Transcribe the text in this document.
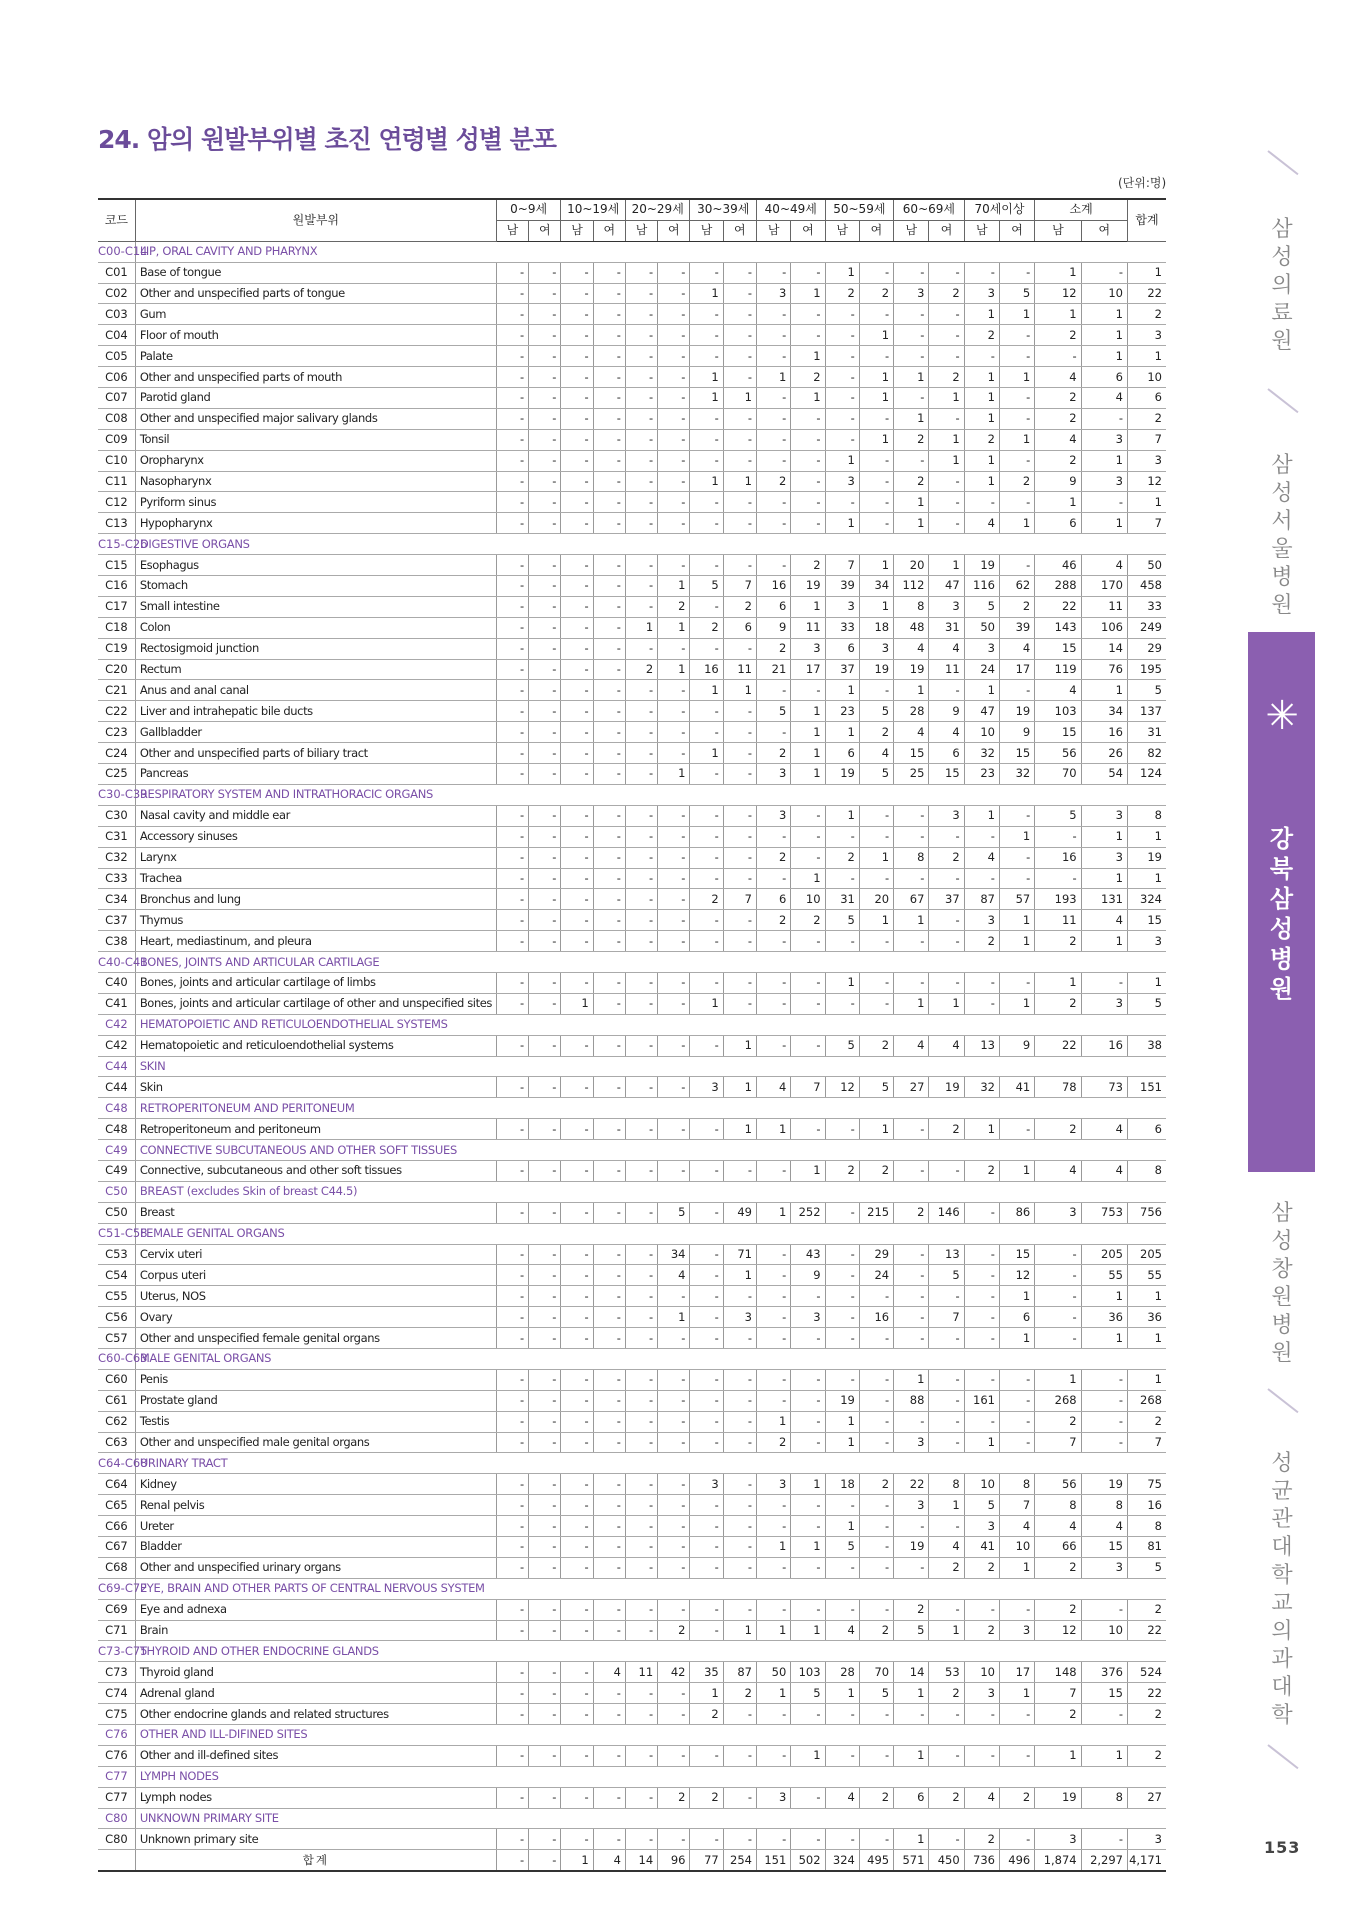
24. 암의 원발부위별 초진 연령별 성별 분포
(단위:명)
코드	원발부위	0~9세		10~19세		20~29세		30~39세		40~49세		50~59세		60~69세		70세이상		소계		합계
		남	여	남	여	남	여	남	여	남	여	남	여	남	여	남	여	남	여	
C00-C14	LIP, ORAL CAVITY AND PHARYNX																			
C01	Base of tongue	-	-	-	-	-	-	-	-	-	-	1	-	-	-	-	-	1	-	1
C02	Other and unspecified parts of tongue	-	-	-	-	-	-	1	-	3	1	2	2	3	2	3	5	12	10	22
C03	Gum	-	-	-	-	-	-	-	-	-	-	-	-	-	-	1	1	1	1	2
C04	Floor of mouth	-	-	-	-	-	-	-	-	-	-	-	1	-	-	2	-	2	1	3
C05	Palate	-	-	-	-	-	-	-	-	-	1	-	-	-	-	-	-	-	1	1
C06	Other and unspecified parts of mouth	-	-	-	-	-	-	1	-	1	2	-	1	1	2	1	1	4	6	10
C07	Parotid gland	-	-	-	-	-	-	1	1	-	1	-	1	-	1	1	-	2	4	6
C08	Other and unspecified major salivary glands	-	-	-	-	-	-	-	-	-	-	-	-	1	-	1	-	2	-	2
C09	Tonsil	-	-	-	-	-	-	-	-	-	-	-	1	2	1	2	1	4	3	7
C10	Oropharynx	-	-	-	-	-	-	-	-	-	-	1	-	-	1	1	-	2	1	3
C11	Nasopharynx	-	-	-	-	-	-	1	1	2	-	3	-	2	-	1	2	9	3	12
C12	Pyriform sinus	-	-	-	-	-	-	-	-	-	-	-	-	1	-	-	-	1	-	1
C13	Hypopharynx	-	-	-	-	-	-	-	-	-	-	1	-	1	-	4	1	6	1	7
C15-C26	DIGESTIVE ORGANS																			
C15	Esophagus	-	-	-	-	-	-	-	-	-	2	7	1	20	1	19	-	46	4	50
C16	Stomach	-	-	-	-	-	1	5	7	16	19	39	34	112	47	116	62	288	170	458
C17	Small intestine	-	-	-	-	-	2	-	2	6	1	3	1	8	3	5	2	22	11	33
C18	Colon	-	-	-	-	1	1	2	6	9	11	33	18	48	31	50	39	143	106	249
C19	Rectosigmoid junction	-	-	-	-	-	-	-	-	2	3	6	3	4	4	3	4	15	14	29
C20	Rectum	-	-	-	-	2	1	16	11	21	17	37	19	19	11	24	17	119	76	195
C21	Anus and anal canal	-	-	-	-	-	-	1	1	-	-	1	-	1	-	1	-	4	1	5
C22	Liver and intrahepatic bile ducts	-	-	-	-	-	-	-	-	5	1	23	5	28	9	47	19	103	34	137
C23	Gallbladder	-	-	-	-	-	-	-	-	-	1	1	2	4	4	10	9	15	16	31
C24	Other and unspecified parts of biliary tract	-	-	-	-	-	-	1	-	2	1	6	4	15	6	32	15	56	26	82
C25	Pancreas	-	-	-	-	-	1	-	-	3	1	19	5	25	15	23	32	70	54	124
C30-C39	RESPIRATORY SYSTEM AND INTRATHORACIC ORGANS																			
C30	Nasal cavity and middle ear	-	-	-	-	-	-	-	-	3	-	1	-	-	3	1	-	5	3	8
C31	Accessory sinuses	-	-	-	-	-	-	-	-	-	-	-	-	-	-	-	1	-	1	1
C32	Larynx	-	-	-	-	-	-	-	-	2	-	2	1	8	2	4	-	16	3	19
C33	Trachea	-	-	-	-	-	-	-	-	-	1	-	-	-	-	-	-	-	1	1
C34	Bronchus and lung	-	-	-	-	-	-	2	7	6	10	31	20	67	37	87	57	193	131	324
C37	Thymus	-	-	-	-	-	-	-	-	2	2	5	1	1	-	3	1	11	4	15
C38	Heart, mediastinum, and pleura	-	-	-	-	-	-	-	-	-	-	-	-	-	-	2	1	2	1	3
C40-C41	BONES, JOINTS AND ARTICULAR CARTILAGE																			
C40	Bones, joints and articular cartilage of limbs	-	-	-	-	-	-	-	-	-	-	1	-	-	-	-	-	1	-	1
C41	Bones, joints and articular cartilage of other and unspecified sites	-	-	1	-	-	-	1	-	-	-	-	-	1	1	-	1	2	3	5
C42	HEMATOPOIETIC AND RETICULOENDOTHELIAL SYSTEMS																			
C42	Hematopoietic and reticuloendothelial systems	-	-	-	-	-	-	-	1	-	-	5	2	4	4	13	9	22	16	38
C44	SKIN																			
C44	Skin	-	-	-	-	-	-	3	1	4	7	12	5	27	19	32	41	78	73	151
C48	RETROPERITONEUM AND PERITONEUM																			
C48	Retroperitoneum and peritoneum	-	-	-	-	-	-	-	1	1	-	-	1	-	2	1	-	2	4	6
C49	CONNECTIVE SUBCUTANEOUS AND OTHER SOFT TISSUES																			
C49	Connective, subcutaneous and other soft tissues	-	-	-	-	-	-	-	-	-	1	2	2	-	-	2	1	4	4	8
C50	BREAST (excludes Skin of breast C44.5)																			
C50	Breast	-	-	-	-	-	5	-	49	1	252	-	215	2	146	-	86	3	753	756
C51-C58	FEMALE GENITAL ORGANS																			
C53	Cervix uteri	-	-	-	-	-	34	-	71	-	43	-	29	-	13	-	15	-	205	205
C54	Corpus uteri	-	-	-	-	-	4	-	1	-	9	-	24	-	5	-	12	-	55	55
C55	Uterus, NOS	-	-	-	-	-	-	-	-	-	-	-	-	-	-	-	1	-	1	1
C56	Ovary	-	-	-	-	-	1	-	3	-	3	-	16	-	7	-	6	-	36	36
C57	Other and unspecified female genital organs	-	-	-	-	-	-	-	-	-	-	-	-	-	-	-	1	-	1	1
C60-C63	MALE GENITAL ORGANS																			
C60	Penis	-	-	-	-	-	-	-	-	-	-	-	-	1	-	-	-	1	-	1
C61	Prostate gland	-	-	-	-	-	-	-	-	-	-	19	-	88	-	161	-	268	-	268
C62	Testis	-	-	-	-	-	-	-	-	1	-	1	-	-	-	-	-	2	-	2
C63	Other and unspecified male genital organs	-	-	-	-	-	-	-	-	2	-	1	-	3	-	1	-	7	-	7
C64-C68	URINARY TRACT																			
C64	Kidney	-	-	-	-	-	-	3	-	3	1	18	2	22	8	10	8	56	19	75
C65	Renal pelvis	-	-	-	-	-	-	-	-	-	-	-	-	3	1	5	7	8	8	16
C66	Ureter	-	-	-	-	-	-	-	-	-	-	1	-	-	-	3	4	4	4	8
C67	Bladder	-	-	-	-	-	-	-	-	1	1	5	-	19	4	41	10	66	15	81
C68	Other and unspecified urinary organs	-	-	-	-	-	-	-	-	-	-	-	-	-	2	2	1	2	3	5
C69-C72	EYE, BRAIN AND OTHER PARTS OF CENTRAL NERVOUS SYSTEM																			
C69	Eye and adnexa	-	-	-	-	-	-	-	-	-	-	-	-	2	-	-	-	2	-	2
C71	Brain	-	-	-	-	-	2	-	1	1	1	4	2	5	1	2	3	12	10	22
C73-C75	THYROID AND OTHER ENDOCRINE GLANDS																			
C73	Thyroid gland	-	-	-	4	11	42	35	87	50	103	28	70	14	53	10	17	148	376	524
C74	Adrenal gland	-	-	-	-	-	-	1	2	1	5	1	5	1	2	3	1	7	15	22
C75	Other endocrine glands and related structures	-	-	-	-	-	-	2	-	-	-	-	-	-	-	-	-	2	-	2
C76	OTHER AND ILL-DIFINED SITES																			
C76	Other and ill-defined sites	-	-	-	-	-	-	-	-	-	1	-	-	1	-	-	-	1	1	2
C77	LYMPH NODES																			
C77	Lymph nodes	-	-	-	-	-	2	2	-	3	-	4	2	6	2	4	2	19	8	27
C80	UNKNOWN PRIMARY SITE																			
C80	Unknown primary site	-	-	-	-	-	-	-	-	-	-	-	-	1	-	2	-	3	-	3
	합계	-	-	1	4	14	96	77	254	151	502	324	495	571	450	736	496	1,874	2,297	4,171
삼
성
의
료
원
삼
성
서
울
병
원
✳
강
북
삼
성
병
원
삼
성
창
원
병
원
성
균
관
대
학
교
의
과
대
학
153
